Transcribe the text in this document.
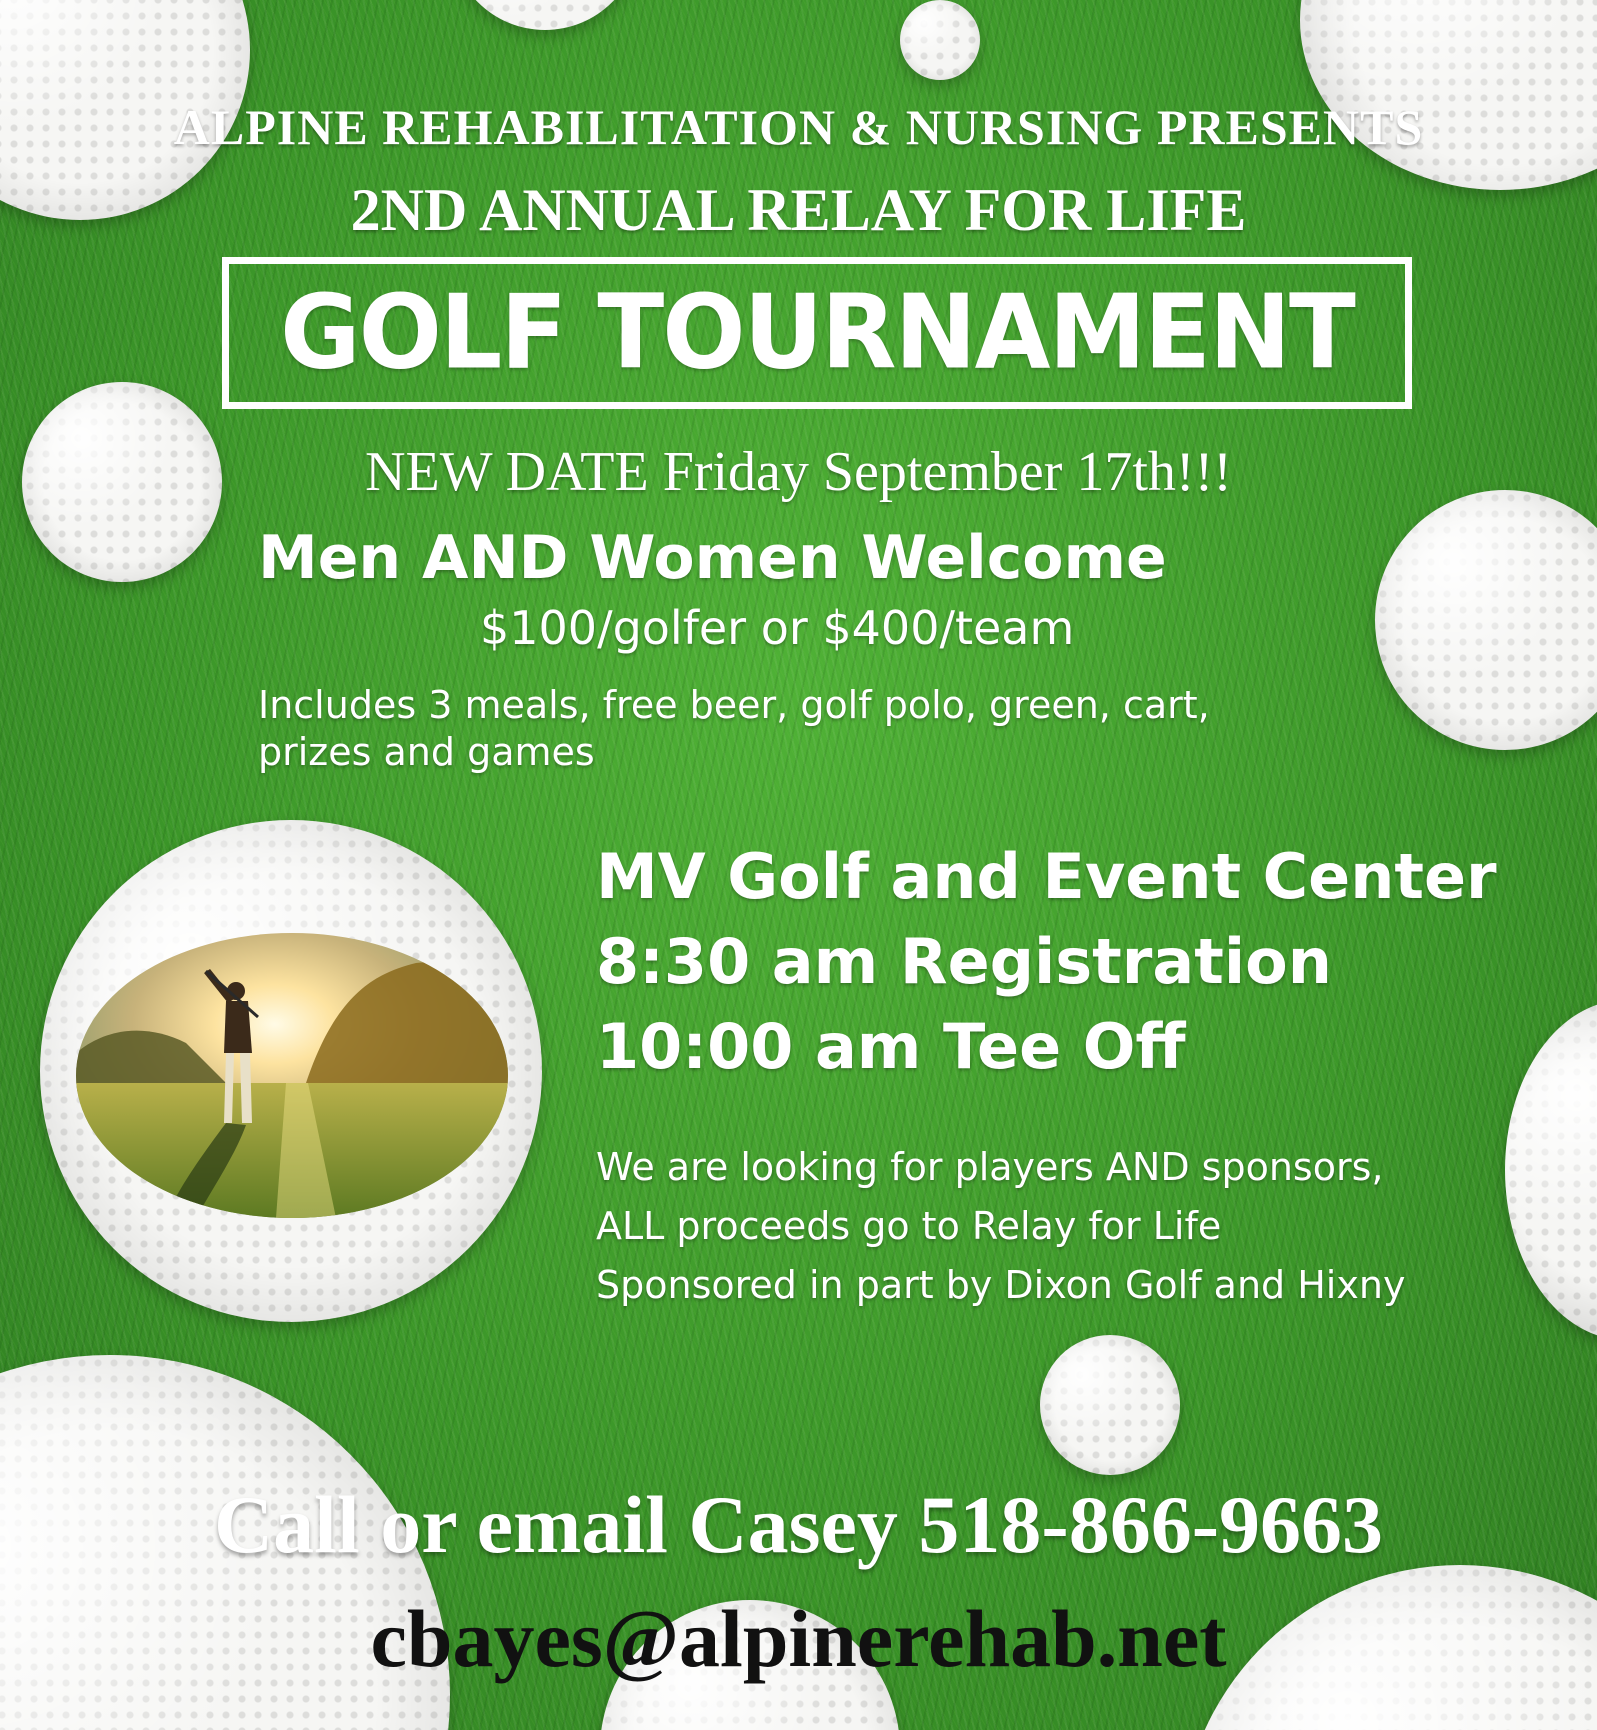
ALPINE REHABILITATION & NURSING PRESENTS
2ND ANNUAL RELAY FOR LIFE
GOLF TOURNAMENT
NEW DATE Friday September 17th!!!
Men AND Women Welcome
$100/golfer or $400/team
Includes 3 meals, free beer, golf polo, green, cart,
prizes and games
MV Golf and Event Center
8:30 am Registration
10:00 am Tee Off
We are looking for players AND sponsors,
ALL proceeds go to Relay for Life
Sponsored in part by Dixon Golf and Hixny
Call or email Casey 518-866-9663
cbayes@alpinerehab.net
